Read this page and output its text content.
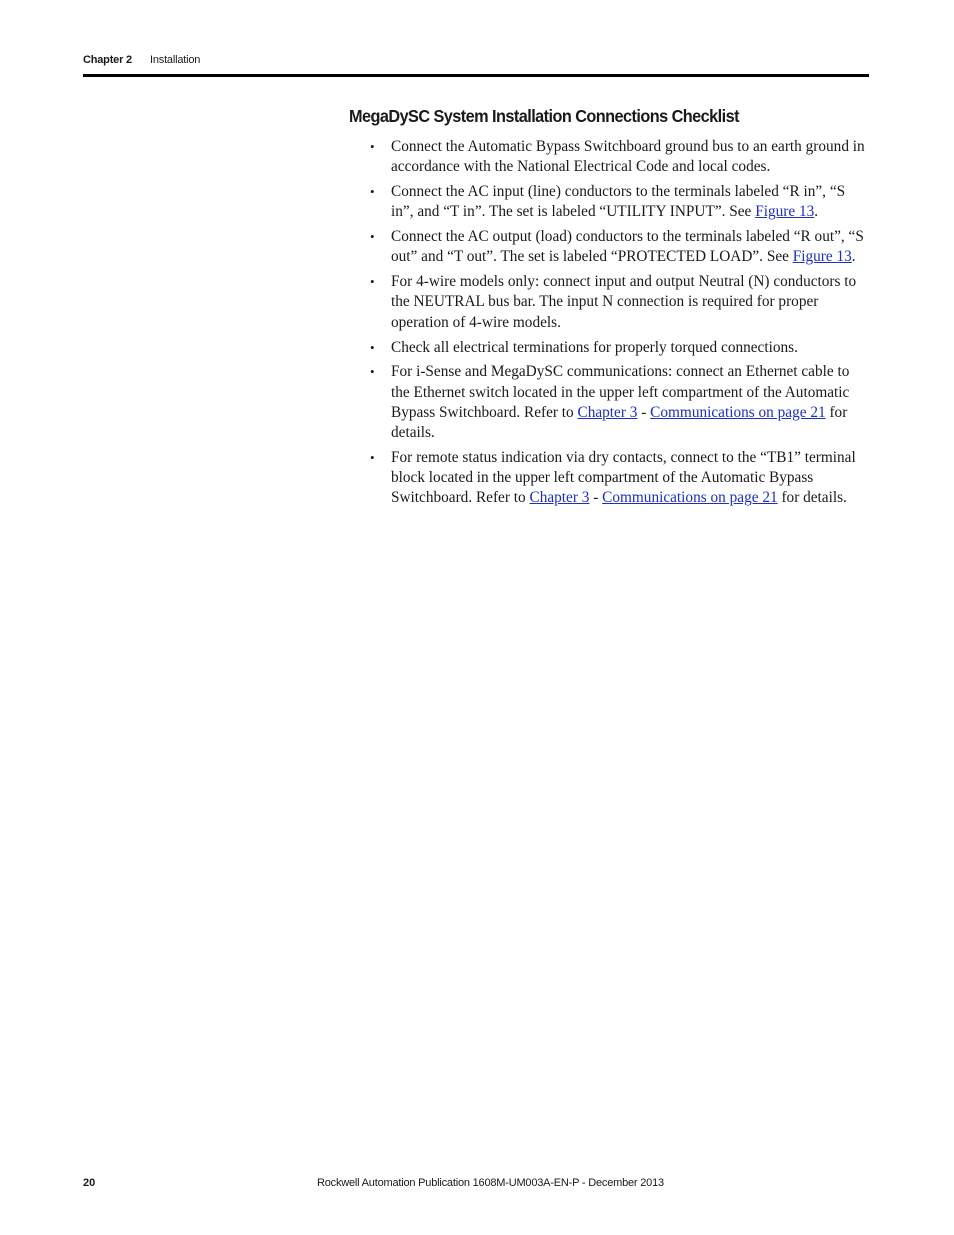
Chapter 2 Installation
MegaDySC System Installation Connections Checklist
• Connect the Automatic Bypass Switchboard ground bus to an earth ground in accordance with the National Electrical Code and local codes.
• Connect the AC input (line) conductors to the terminals labeled “R in”, “S in”, and “T in”. The set is labeled “UTILITY INPUT”. See Figure 13.
• Connect the AC output (load) conductors to the terminals labeled “R out”, “S out” and “T out”. The set is labeled “PROTECTED LOAD”. See Figure 13.
• For 4-wire models only: connect input and output Neutral (N) conductors to the NEUTRAL bus bar. The input N connection is required for proper operation of 4-wire models.
• Check all electrical terminations for properly torqued connections.
• For i-Sense and MegaDySC communications: connect an Ethernet cable to the Ethernet switch located in the upper left compartment of the Automatic Bypass Switchboard. Refer to Chapter 3 - Communications on page 21 for details.
• For remote status indication via dry contacts, connect to the “TB1” terminal block located in the upper left compartment of the Automatic Bypass Switchboard. Refer to Chapter 3 - Communications on page 21 for details.
20	Rockwell Automation Publication 1608M-UM003A-EN-P - December 2013
